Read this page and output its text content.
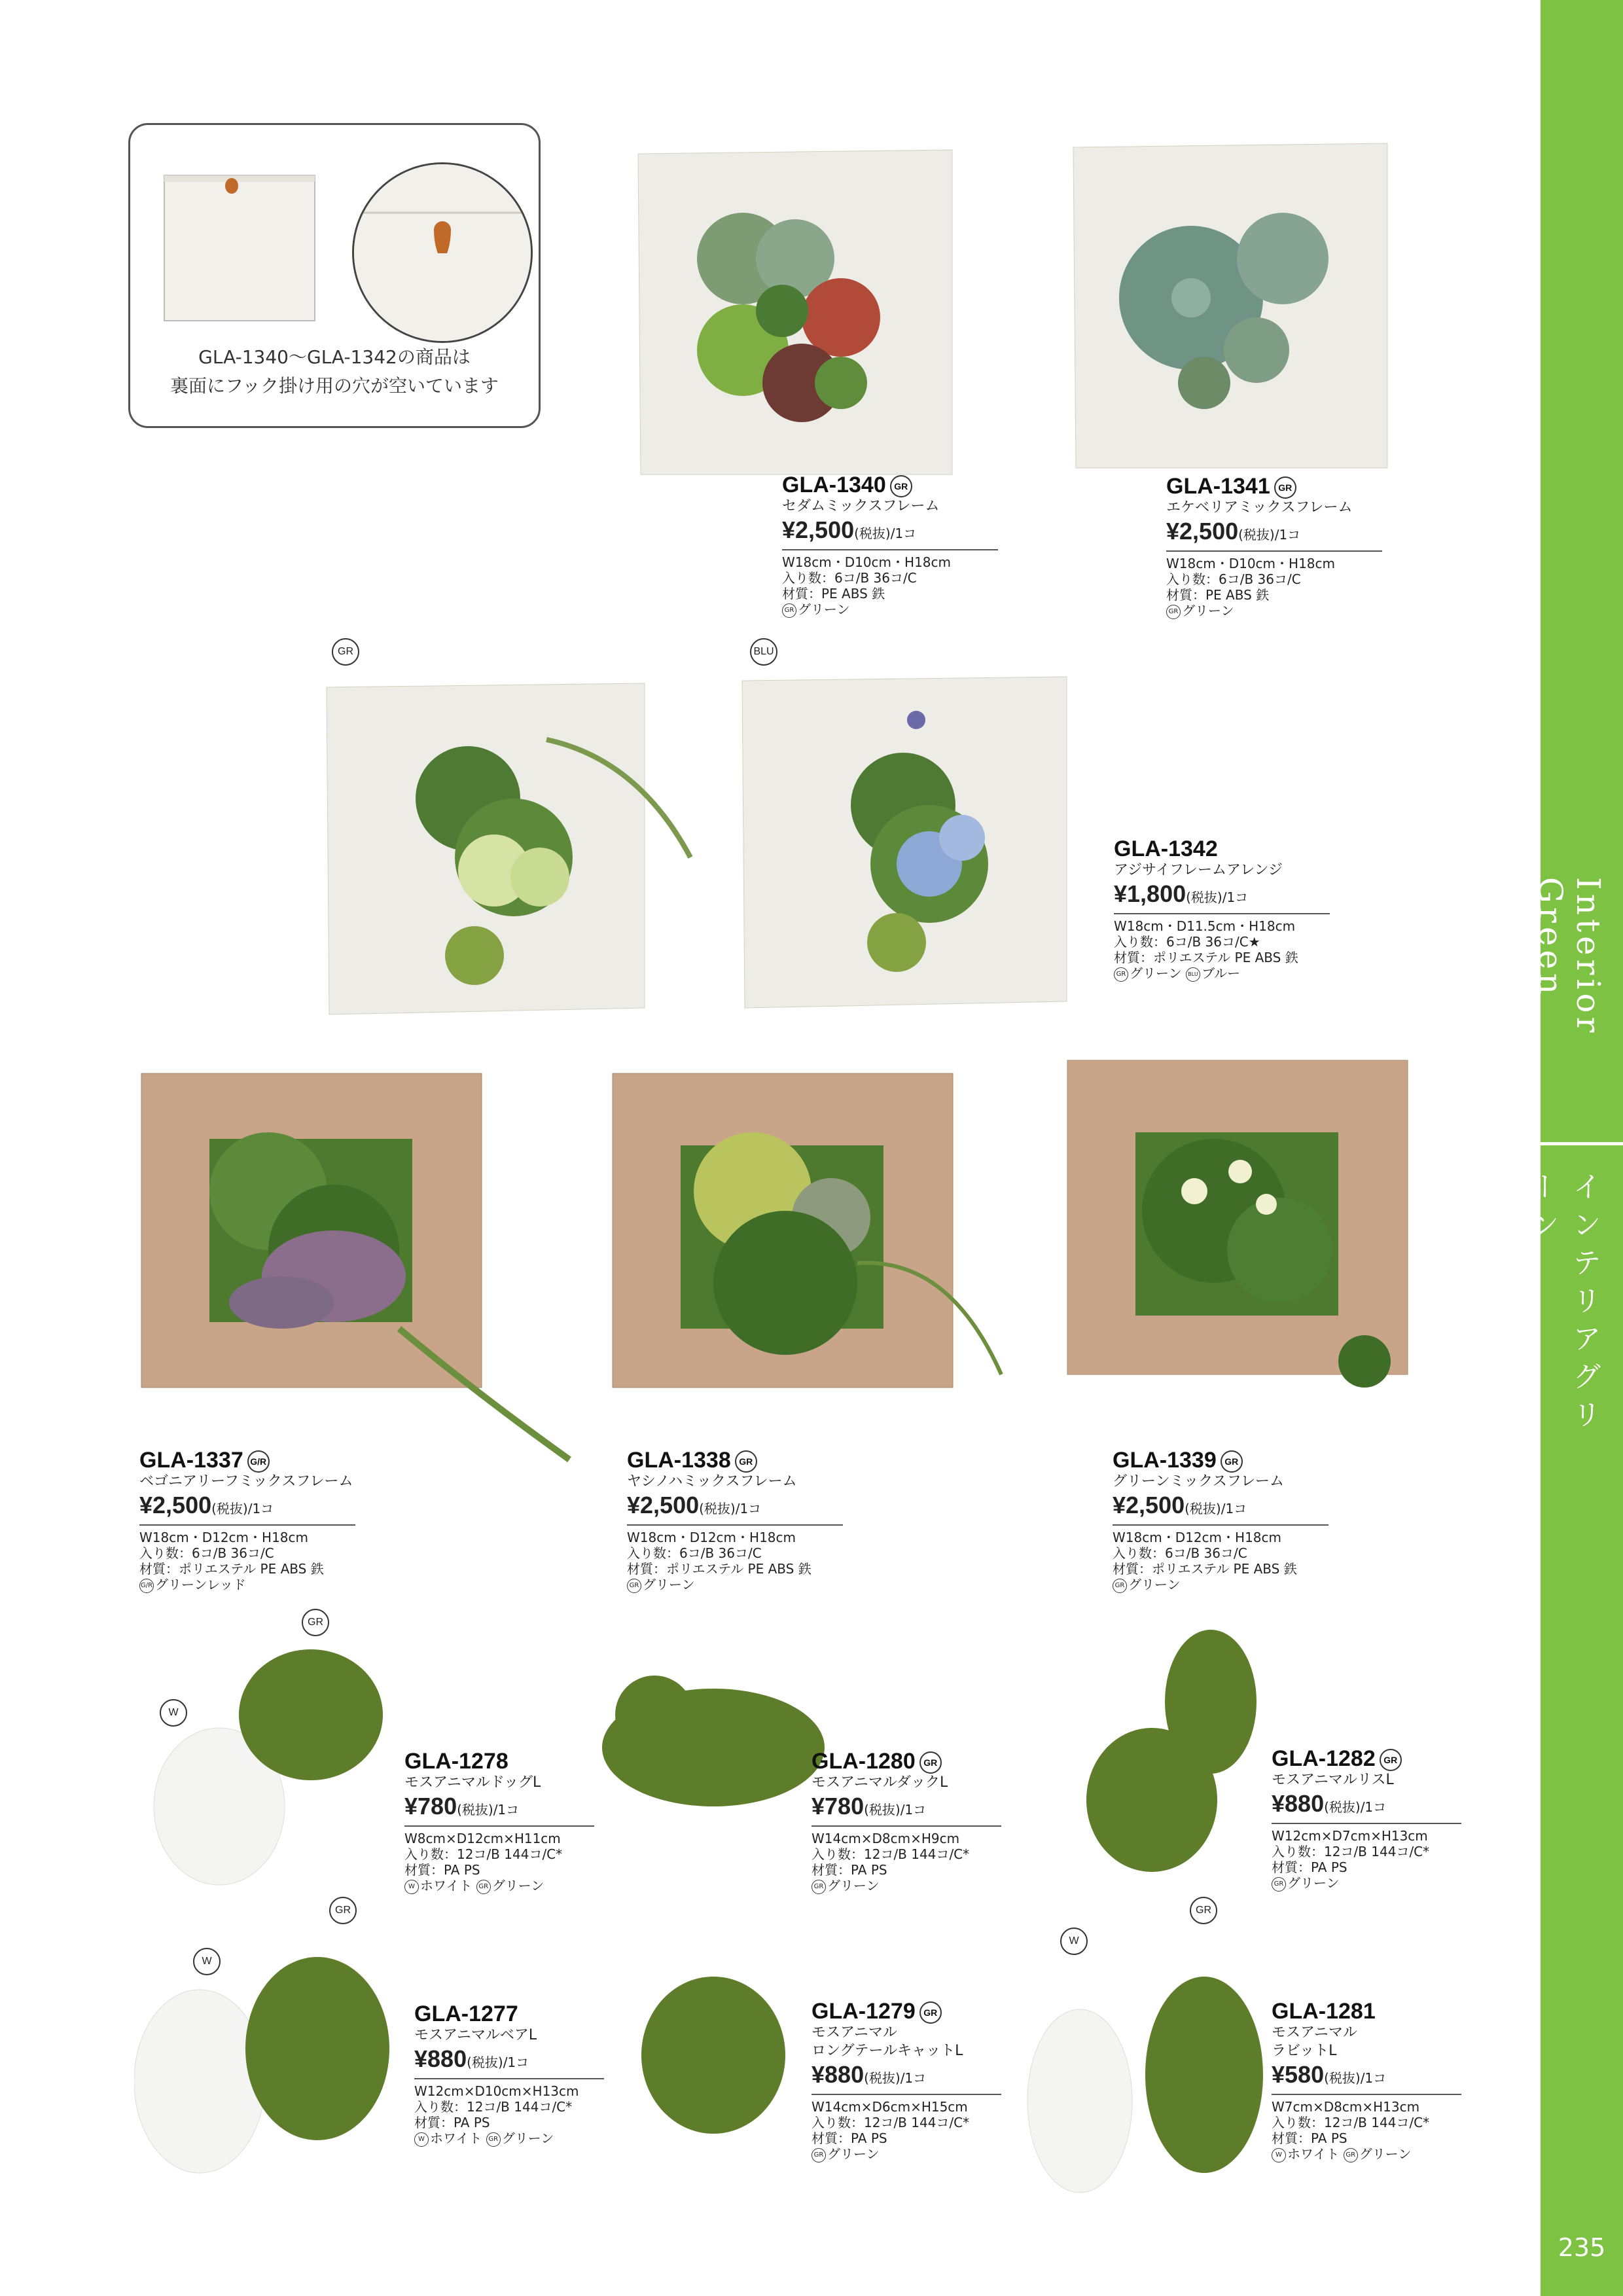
Interior Green
インテリアグリーン
235
GLA-1340〜GLA-1342の商品は
裏面にフック掛け用の穴が空いています
GR	BLU
GR
W
W
GR	GR
W
GLA-1340 GR
セダムミックスフレーム
¥2,500(税抜)/1コ
W18cm・D10cm・H18cm
入り数：6コ/B 36コ/C
材質：PE ABS 鉄
GR グリーン
GLA-1341 GR
エケベリアミックスフレーム
¥2,500(税抜)/1コ
W18cm・D10cm・H18cm
入り数：6コ/B 36コ/C
材質：PE ABS 鉄
GR グリーン
GLA-1342
アジサイフレームアレンジ
¥1,800(税抜)/1コ
W18cm・D11.5cm・H18cm
入り数：6コ/B 36コ/C★
材質：ポリエステル PE ABS 鉄
GR グリーン BLU ブルー
GLA-1337 G/R
ベゴニアリーフミックスフレーム
¥2,500(税抜)/1コ
W18cm・D12cm・H18cm
入り数：6コ/B 36コ/C
材質：ポリエステル PE ABS 鉄
G/R グリーンレッド
GLA-1338 GR
ヤシノハミックスフレーム
¥2,500(税抜)/1コ
W18cm・D12cm・H18cm
入り数：6コ/B 36コ/C
材質：ポリエステル PE ABS 鉄
GR グリーン
GLA-1339 GR
グリーンミックスフレーム
¥2,500(税抜)/1コ
W18cm・D12cm・H18cm
入り数：6コ/B 36コ/C
材質：ポリエステル PE ABS 鉄
GR グリーン
GLA-1278
モスアニマルドッグL
¥780(税抜)/1コ
W8cm×D12cm×H11cm
入り数：12コ/B 144コ/C*
材質：PA PS
W ホワイト GR グリーン
GLA-1280 GR
モスアニマルダックL
¥780(税抜)/1コ
W14cm×D8cm×H9cm
入り数：12コ/B 144コ/C*
材質：PA PS
GR グリーン
GLA-1282 GR
モスアニマルリスL
¥880(税抜)/1コ
W12cm×D7cm×H13cm
入り数：12コ/B 144コ/C*
材質：PA PS
GR グリーン
GLA-1277
モスアニマルベアL
¥880(税抜)/1コ
W12cm×D10cm×H13cm
入り数：12コ/B 144コ/C*
材質：PA PS
W ホワイト GR グリーン
GLA-1279 GR
モスアニマル
ロングテールキャットL
¥880(税抜)/1コ
W14cm×D6cm×H15cm
入り数：12コ/B 144コ/C*
材質：PA PS
GR グリーン
GLA-1281
モスアニマル
ラビットL
¥580(税抜)/1コ
W7cm×D8cm×H13cm
入り数：12コ/B 144コ/C*
材質：PA PS
W ホワイト GR グリーン
